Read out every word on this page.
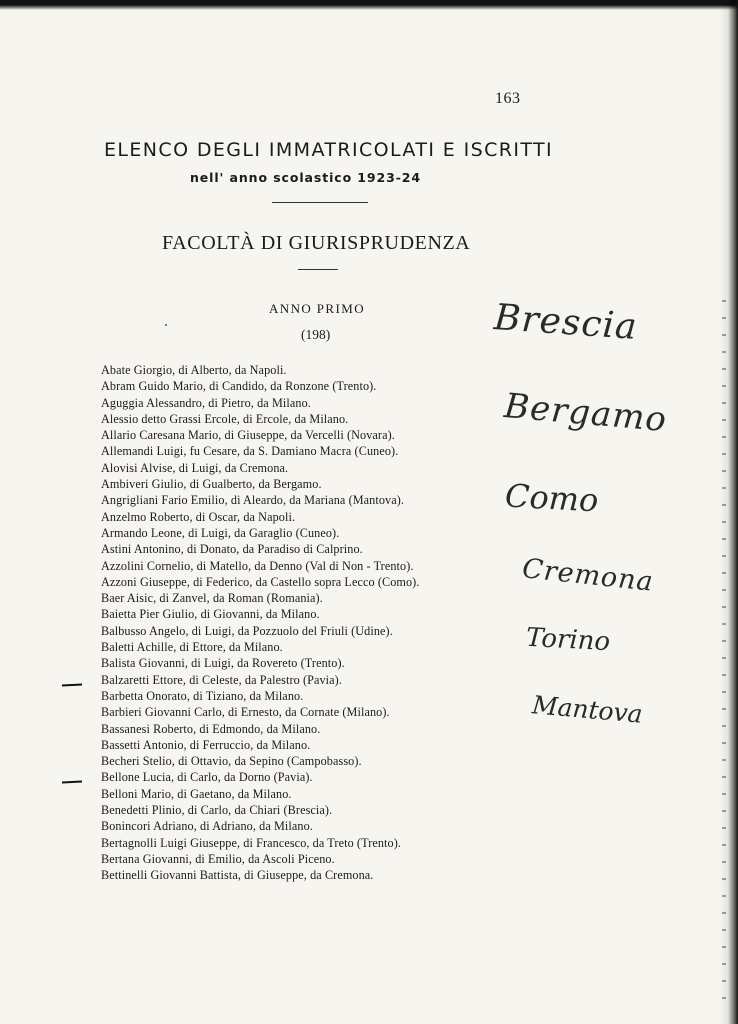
163
ELENCO DEGLI IMMATRICOLATI E ISCRITTI
nell' anno scolastico 1923-24
FACOLTÀ DI GIURISPRUDENZA
ANNO PRIMO
(198)
Abate Giorgio, di Alberto, da Napoli.
Abram Guido Mario, di Candido, da Ronzone (Trento).
Aguggia Alessandro, di Pietro, da Milano.
Alessio detto Grassi Ercole, di Ercole, da Milano.
Allario Caresana Mario, di Giuseppe, da Vercelli (Novara).
Allemandi Luigi, fu Cesare, da S. Damiano Macra (Cuneo).
Alovisi Alvise, di Luigi, da Cremona.
Ambiveri Giulio, di Gualberto, da Bergamo.
Angrigliani Fario Emilio, di Aleardo, da Mariana (Mantova).
Anzelmo Roberto, di Oscar, da Napoli.
Armando Leone, di Luigi, da Garaglio (Cuneo).
Astini Antonino, di Donato, da Paradiso di Calprino.
Azzolini Cornelio, di Matello, da Denno (Val di Non - Trento).
Azzoni Giuseppe, di Federico, da Castello sopra Lecco (Como).
Baer Aisic, di Zanvel, da Roman (Romania).
Baietta Pier Giulio, di Giovanni, da Milano.
Balbusso Angelo, di Luigi, da Pozzuolo del Friuli (Udine).
Baletti Achille, di Ettore, da Milano.
Balista Giovanni, di Luigi, da Rovereto (Trento).
Balzaretti Ettore, di Celeste, da Palestro (Pavia).
Barbetta Onorato, di Tiziano, da Milano.
Barbieri Giovanni Carlo, di Ernesto, da Cornate (Milano).
Bassanesi Roberto, di Edmondo, da Milano.
Bassetti Antonio, di Ferruccio, da Milano.
Becheri Stelio, di Ottavio, da Sepino (Campobasso).
Bellone Lucia, di Carlo, da Dorno (Pavia).
Belloni Mario, di Gaetano, da Milano.
Benedetti Plinio, di Carlo, da Chiari (Brescia).
Bonincori Adriano, di Adriano, da Milano.
Bertagnolli Luigi Giuseppe, di Francesco, da Treto (Trento).
Bertana Giovanni, di Emilio, da Ascoli Piceno.
Bettinelli Giovanni Battista, di Giuseppe, da Cremona.
Brescia
Bergamo
Como
Cremona
Torino
Mantova
